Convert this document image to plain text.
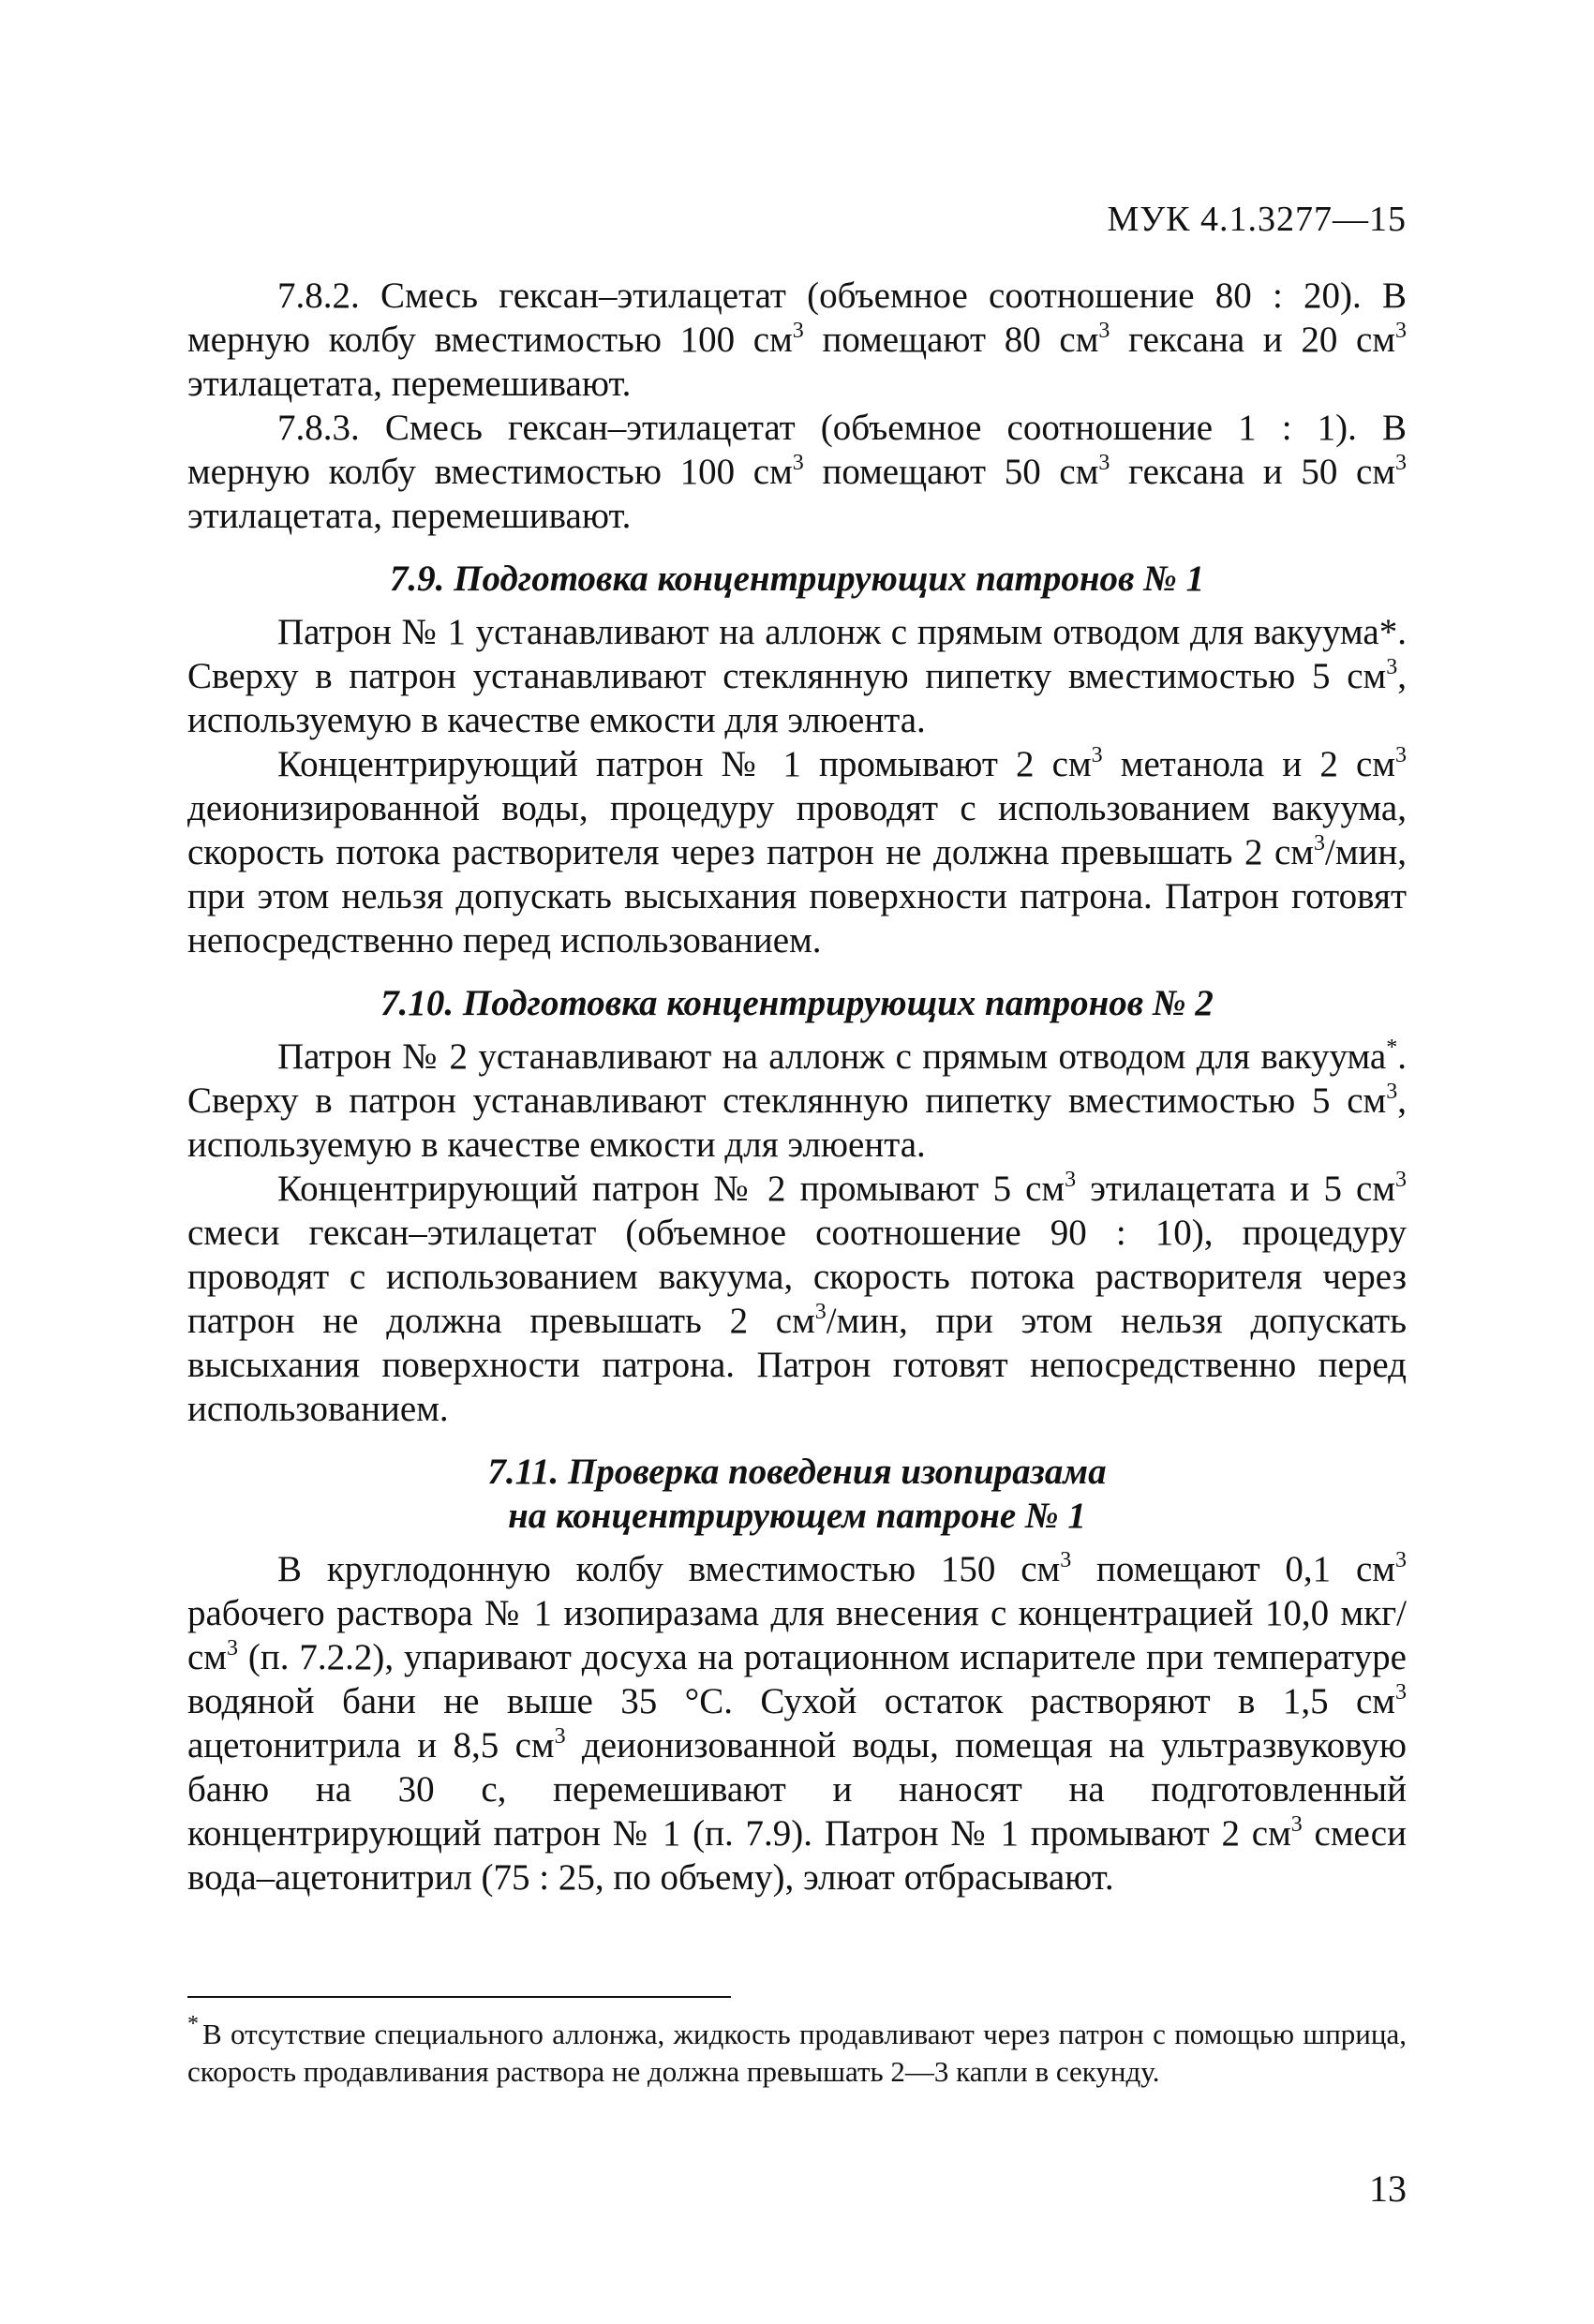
МУК 4.1.3277—15

7.8.2. Смесь гексан–этилацетат (объемное соотношение 80 : 20). В мерную колбу вместимостью 100 $см^3$ помещают 80 $см^3$ гексана и 20 $см^3$ этилацетата, перемешивают.

7.8.3. Смесь гексан–этилацетат (объемное соотношение 1 : 1). В мерную колбу вместимостью 100 $см^3$ помещают 50 $см^3$ гексана и 50 $см^3$ этилацетата, перемешивают.

7.9. Подготовка концентрирующих патронов № 1

Патрон № 1 устанавливают на аллонж с прямым отводом для вакуума*. Сверху в патрон устанавливают стеклянную пипетку вместимостью 5 $см^3$, используемую в качестве емкости для элюента.

Концентрирующий патрон № 1 промывают 2 $см^3$ метанола и 2 $см^3$ деионизированной воды, процедуру проводят с использованием вакуума, скорость потока растворителя через патрон не должна превышать 2 $см^3$/мин, при этом нельзя допускать высыхания поверхности патрона. Патрон готовят непосредственно перед использованием.

7.10. Подготовка концентрирующих патронов № 2

Патрон № 2 устанавливают на аллонж с прямым отводом для вакуума*. Сверху в патрон устанавливают стеклянную пипетку вместимостью 5 $см^3$, используемую в качестве емкости для элюента.

Концентрирующий патрон № 2 промывают 5 $см^3$ этилацетата и 5 $см^3$ смеси гексан–этилацетат (объемное соотношение 90 : 10), процедуру проводят с использованием вакуума, скорость потока растворителя через патрон не должна превышать 2 $см^3$/мин, при этом нельзя допускать высыхания поверхности патрона. Патрон готовят непосредственно перед использованием.

7.11. Проверка поведения изопиразама
на концентрирующем патроне № 1

В круглодонную колбу вместимостью 150 $см^3$ помещают 0,1 $см^3$ рабочего раствора № 1 изопиразама для внесения с концентрацией 10,0 мкг/$см^3$ (п. 7.2.2), упаривают досуха на ротационном испарителе при температуре водяной бани не выше 35 °С. Сухой остаток растворяют в 1,5 $см^3$ ацетонитрила и 8,5 $см^3$ деионизованной воды, помещая на ультразвуковую баню на 30 с, перемешивают и наносят на подготовленный концентрирующий патрон № 1 (п. 7.9). Патрон № 1 промывают 2 $см^3$ смеси вода–ацетонитрил (75 : 25, по объему), элюат отбрасывают.

* В отсутствие специального аллонжа, жидкость продавливают через патрон с помощью шприца, скорость продавливания раствора не должна превышать 2—3 капли в секунду.
13
